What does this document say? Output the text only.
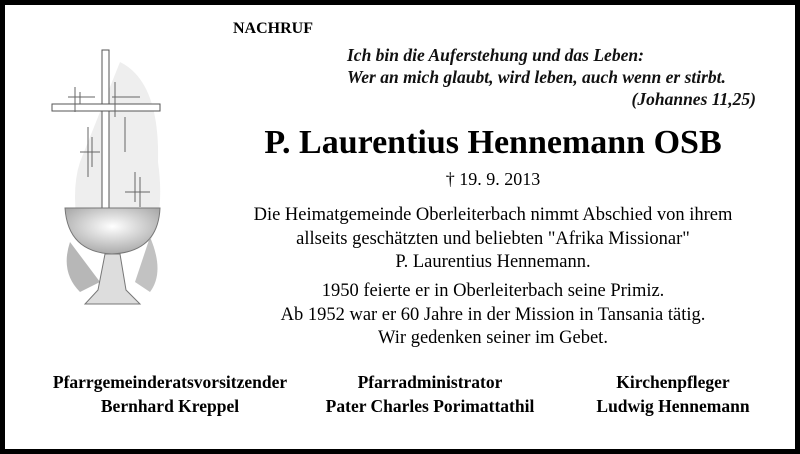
NACHRUF
Ich bin die Auferstehung und das Leben:
Wer an mich glaubt, wird leben, auch wenn er stirbt.
(Johannes 11,25)
P. Laurentius Hennemann OSB
† 19. 9. 2013
Die Heimatgemeinde Oberleiterbach nimmt Abschied von ihrem
allseits geschätzten und beliebten "Afrika Missionar"
P. Laurentius Hennemann.
1950 feierte er in Oberleiterbach seine Primiz.
Ab 1952 war er 60 Jahre in der Mission in Tansania tätig.
Wir gedenken seiner im Gebet.
Pfarrgemeinderatsvorsitzender
Bernhard Kreppel
Pfarradministrator
Pater Charles Porimattathil
Kirchenpfleger
Ludwig Hennemann
